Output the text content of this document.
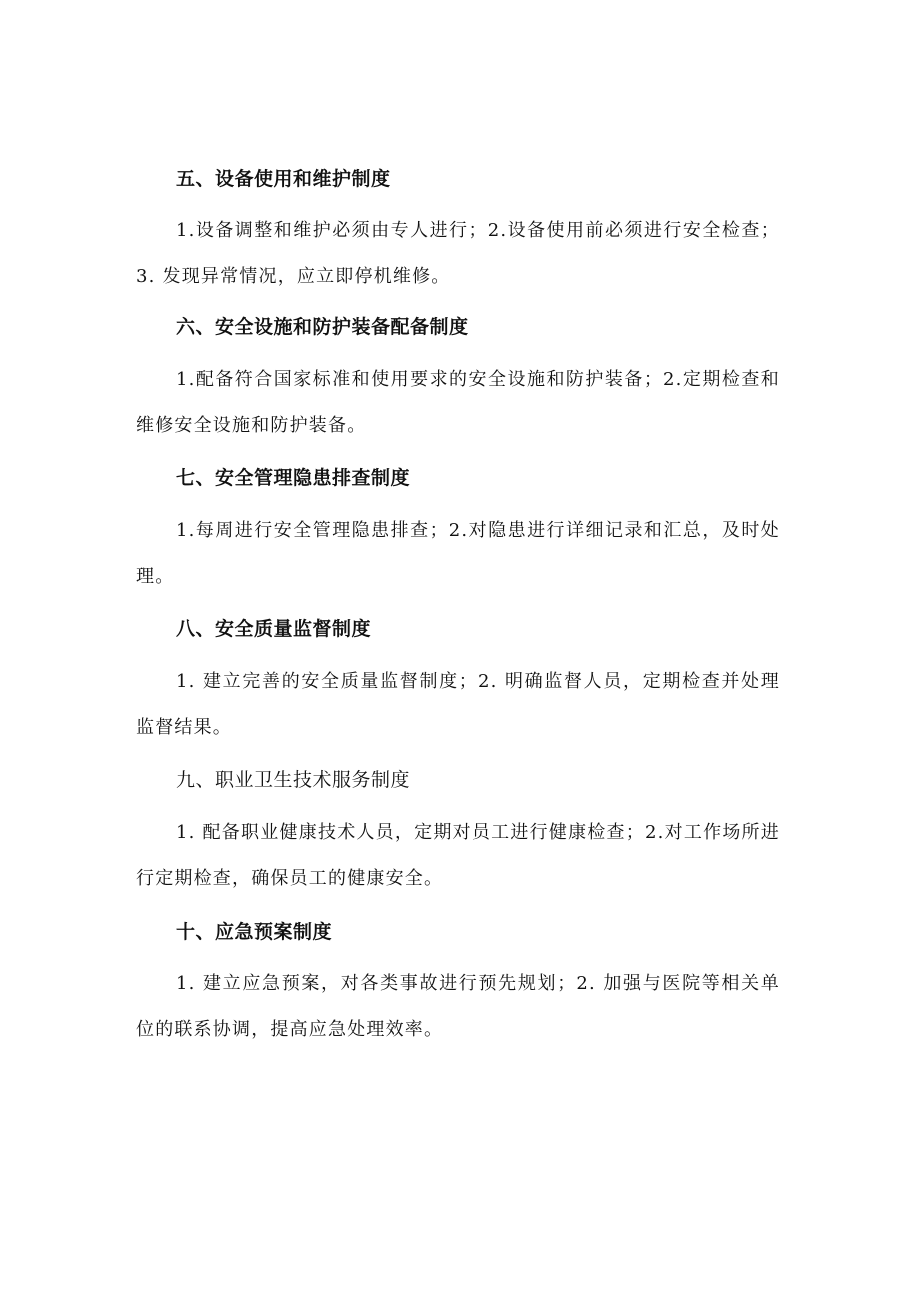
五、设备使用和维护制度
1.设备调整和维护必须由专人进行；2.设备使用前必须进行安全检查；3. 发现异常情况，应立即停机维修。
六、安全设施和防护装备配备制度
1.配备符合国家标准和使用要求的安全设施和防护装备；2.定期检查和维修安全设施和防护装备。
七、安全管理隐患排查制度
1.每周进行安全管理隐患排查；2.对隐患进行详细记录和汇总，及时处理。
八、安全质量监督制度
1. 建立完善的安全质量监督制度；2. 明确监督人员，定期检查并处理监督结果。
九、职业卫生技术服务制度
1. 配备职业健康技术人员，定期对员工进行健康检查；2.对工作场所进行定期检查，确保员工的健康安全。
十、应急预案制度
1. 建立应急预案，对各类事故进行预先规划；2. 加强与医院等相关单位的联系协调，提高应急处理效率。
